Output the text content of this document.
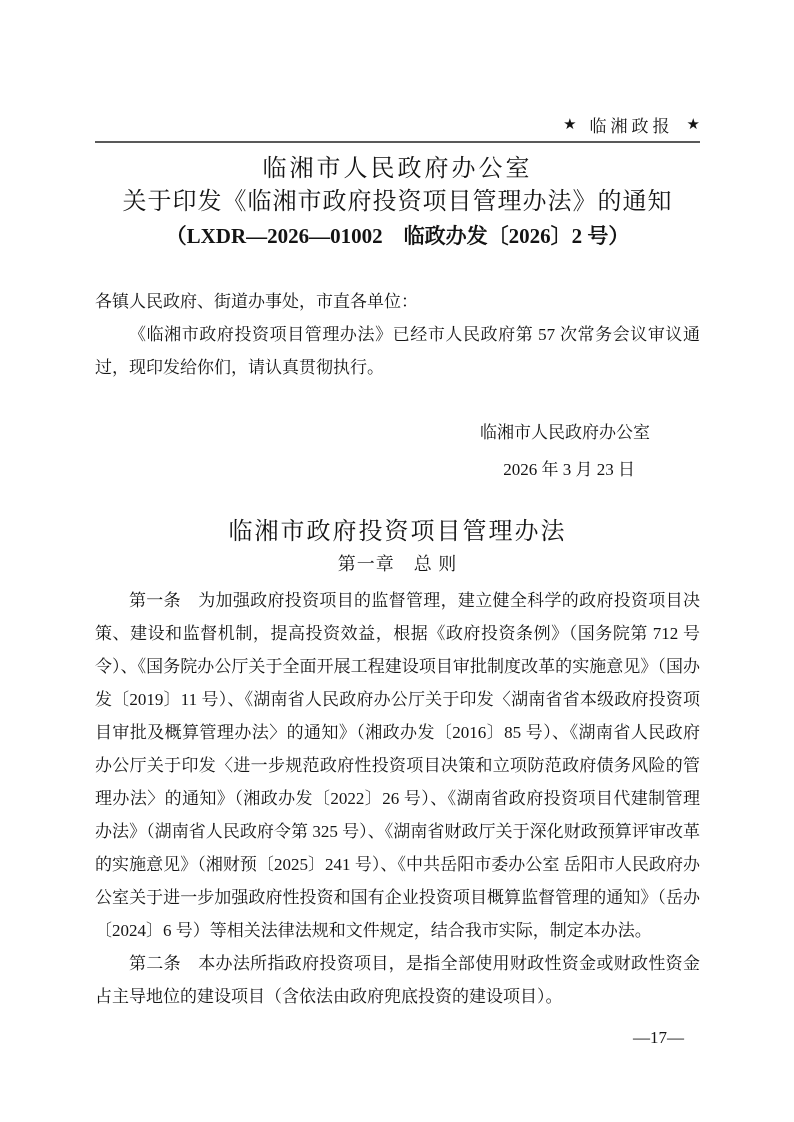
★ 临湘政报 ★
临湘市人民政府办公室
关于印发《临湘市政府投资项目管理办法》的通知
（LXDR—2026—01002　临政办发〔2026〕2 号）

各镇人民政府、街道办事处，市直各单位：

《临湘市政府投资项目管理办法》已经市人民政府第 57 次常务会议审议通过，现印发给你们，请认真贯彻执行。

临湘市人民政府办公室
2026 年 3 月 23 日
临湘市政府投资项目管理办法
第一章　总 则

第一条　为加强政府投资项目的监督管理，建立健全科学的政府投资项目决策、建设和监督机制，提高投资效益，根据《政府投资条例》（国务院第 712 号令）、《国务院办公厅关于全面开展工程建设项目审批制度改革的实施意见》（国办发〔2019〕11 号）、《湖南省人民政府办公厅关于印发〈湖南省省本级政府投资项目审批及概算管理办法〉的通知》（湘政办发〔2016〕85 号）、《湖南省人民政府办公厅关于印发〈进一步规范政府性投资项目决策和立项防范政府债务风险的管理办法〉的通知》（湘政办发〔2022〕26 号）、《湖南省政府投资项目代建制管理办法》（湖南省人民政府令第 325 号）、《湖南省财政厅关于深化财政预算评审改革的实施意见》（湘财预〔2025〕241 号）、《中共岳阳市委办公室 岳阳市人民政府办公室关于进一步加强政府性投资和国有企业投资项目概算监督管理的通知》（岳办〔2024〕6 号）等相关法律法规和文件规定，结合我市实际，制定本办法。

第二条　本办法所指政府投资项目，是指全部使用财政性资金或财政性资金占主导地位的建设项目（含依法由政府兜底投资的建设项目）。

—17—
